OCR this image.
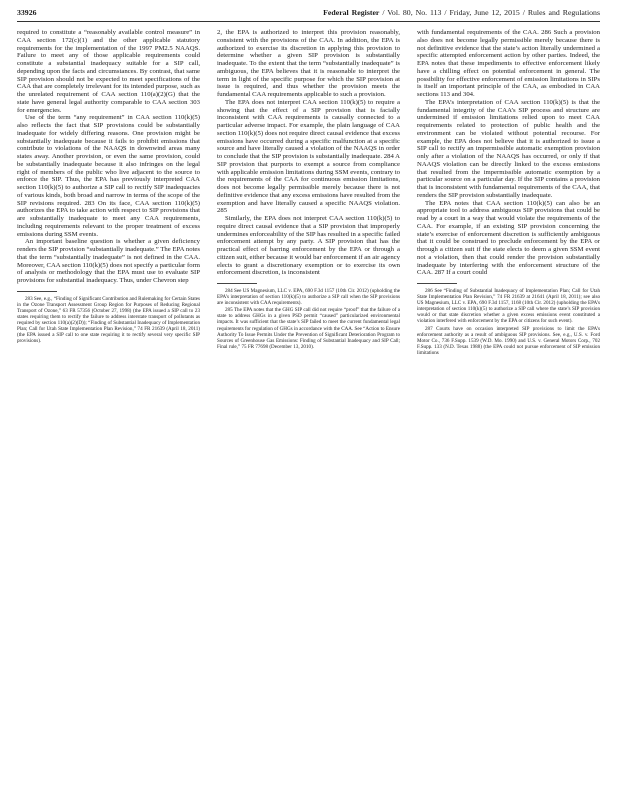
33926	Federal Register / Vol. 80, No. 113 / Friday, June 12, 2015 / Rules and Regulations

required to constitute a “reasonably available control measure” in CAA section 172(c)(1) and the other applicable statutory requirements for the implementation of the 1997 PM2.5 NAAQS. Failure to meet any of those applicable requirements could constitute a substantial inadequacy suitable for a SIP call, depending upon the facts and circumstances. By contrast, that same SIP provision should not be expected to meet specifications of the CAA that are completely irrelevant for its intended purpose, such as the unrelated requirement of CAA section 110(a)(2)(G) that the state have general legal authority comparable to CAA section 303 for emergencies.

Use of the term “any requirement” in CAA section 110(k)(5) also reflects the fact that SIP provisions could be substantially inadequate for widely differing reasons. One provision might be substantially inadequate because it fails to prohibit emissions that contribute to violations of the NAAQS in downwind areas many states away. Another provision, or even the same provision, could be substantially inadequate because it also infringes on the legal right of members of the public who live adjacent to the source to enforce the SIP. Thus, the EPA has previously interpreted CAA section 110(k)(5) to authorize a SIP call to rectify SIP inadequacies of various kinds, both broad and narrow in terms of the scope of the SIP revisions required. 283 On its face, CAA section 110(k)(5) authorizes the EPA to take action with respect to SIP provisions that are substantially inadequate to meet any CAA requirements, including requirements relevant to the proper treatment of excess emissions during SSM events.

An important baseline question is whether a given deficiency renders the SIP provision “substantially inadequate.” The EPA notes that the term “substantially inadequate” is not defined in the CAA. Moreover, CAA section 110(k)(5) does not specify a particular form of analysis or methodology that the EPA must use to evaluate SIP provisions for substantial inadequacy. Thus, under Chevron step

283 See, e.g., “Finding of Significant Contribution and Rulemaking for Certain States in the Ozone Transport Assessment Group Region for Purposes of Reducing Regional Transport of Ozone,” 63 FR 57356 (October 27, 1998) (the EPA issued a SIP call to 23 states requiring them to rectify the failure to address interstate transport of pollutants as required by section 110(a)(2)(D)); “Finding of Substantial Inadequacy of Implementation Plan; Call for Utah State Implementation Plan Revision,” 74 FR 21639 (April 18, 2011) (the EPA issued a SIP call to one state requiring it to rectify several very specific SIP provisions).

2, the EPA is authorized to interpret this provision reasonably, consistent with the provisions of the CAA. In addition, the EPA is authorized to exercise its discretion in applying this provision to determine whether a given SIP provision is substantially inadequate. To the extent that the term “substantially inadequate” is ambiguous, the EPA believes that it is reasonable to interpret the term in light of the specific purpose for which the SIP provision at issue is required, and thus whether the provision meets the fundamental CAA requirements applicable to such a provision.

The EPA does not interpret CAA section 110(k)(5) to require a showing that the effect of a SIP provision that is facially inconsistent with CAA requirements is causally connected to a particular adverse impact. For example, the plain language of CAA section 110(k)(5) does not require direct causal evidence that excess emissions have occurred during a specific malfunction at a specific source and have literally caused a violation of the NAAQS in order to conclude that the SIP provision is substantially inadequate. 284 A SIP provision that purports to exempt a source from compliance with applicable emission limitations during SSM events, contrary to the requirements of the CAA for continuous emission limitations, does not become legally permissible merely because there is not definitive evidence that any excess emissions have resulted from the exemption and have literally caused a specific NAAQS violation. 285

Similarly, the EPA does not interpret CAA section 110(k)(5) to require direct causal evidence that a SIP provision that improperly undermines enforceability of the SIP has resulted in a specific failed enforcement attempt by any party. A SIP provision that has the practical effect of barring enforcement by the EPA or through a citizen suit, either because it would bar enforcement if an air agency elects to grant a discretionary exemption or to exercise its own enforcement discretion, is inconsistent

284 See US Magnesium, LLC v. EPA, 690 F.3d 1157 (10th Cir. 2012) (upholding the EPA’s interpretation of section 110(k)(5) to authorize a SIP call when the SIP provisions are inconsistent with CAA requirements).

285 The EPA notes that the GHG SIP call did not require “proof” that the failure of a state to address GHGs in a given PSD permit “caused” particularized environmental impacts. It was sufficient that the state’s SIP failed to meet the current fundamental legal requirements for regulation of GHGs in accordance with the CAA. See “Action to Ensure Authority To Issue Permits Under the Prevention of Significant Deterioration Program to Sources of Greenhouse Gas Emissions: Finding of Substantial Inadequacy and SIP Call; Final rule,” 75 FR 77698 (December 13, 2010).

with fundamental requirements of the CAA. 286 Such a provision also does not become legally permissible merely because there is not definitive evidence that the state’s action literally undermined a specific attempted enforcement action by other parties. Indeed, the EPA notes that these impediments to effective enforcement likely have a chilling effect on potential enforcement in general. The possibility for effective enforcement of emission limitations in SIPs is itself an important principle of the CAA, as embodied in CAA sections 113 and 304.

The EPA’s interpretation of CAA section 110(k)(5) is that the fundamental integrity of the CAA’s SIP process and structure are undermined if emission limitations relied upon to meet CAA requirements related to protection of public health and the environment can be violated without potential recourse. For example, the EPA does not believe that it is authorized to issue a SIP call to rectify an impermissible automatic exemption provision only after a violation of the NAAQS has occurred, or only if that NAAQS violation can be directly linked to the excess emissions that resulted from the impermissible automatic exemption by a particular source on a particular day. If the SIP contains a provision that is inconsistent with fundamental requirements of the CAA, that renders the SIP provision substantially inadequate.

The EPA notes that CAA section 110(k)(5) can also be an appropriate tool to address ambiguous SIP provisions that could be read by a court in a way that would violate the requirements of the CAA. For example, if an existing SIP provision concerning the state’s exercise of enforcement discretion is sufficiently ambiguous that it could be construed to preclude enforcement by the EPA or through a citizen suit if the state elects to deem a given SSM event not a violation, then that could render the provision substantially inadequate by interfering with the enforcement structure of the CAA. 287 If a court could

286 See “Finding of Substantial Inadequacy of Implementation Plan; Call for Utah State Implementation Plan Revision,” 74 FR 21639 at 21641 (April 18, 2011); see also US Magnesium, LLC v. EPA, 690 F.3d 1157, 1168 (10th Cir. 2012) (upholding the EPA’s interpretation of section 110(k)(5) to authorize a SIP call where the state’s SIP provision would or that state discretion whether a given excess emissions event constituted a violation interfered with enforcement by the EPA or citizens for such event).

287 Courts have on occasion interpreted SIP provisions to limit the EPA’s enforcement authority as a result of ambiguous SIP provisions. See, e.g., U.S. v. Ford Motor Co., 736 F.Supp. 1539 (W.D. Mo. 1990) and U.S. v. General Motors Corp., 702 F.Supp. 133 (N.D. Texas 1988) (the EPA could not pursue enforcement of SIP emission limitations
